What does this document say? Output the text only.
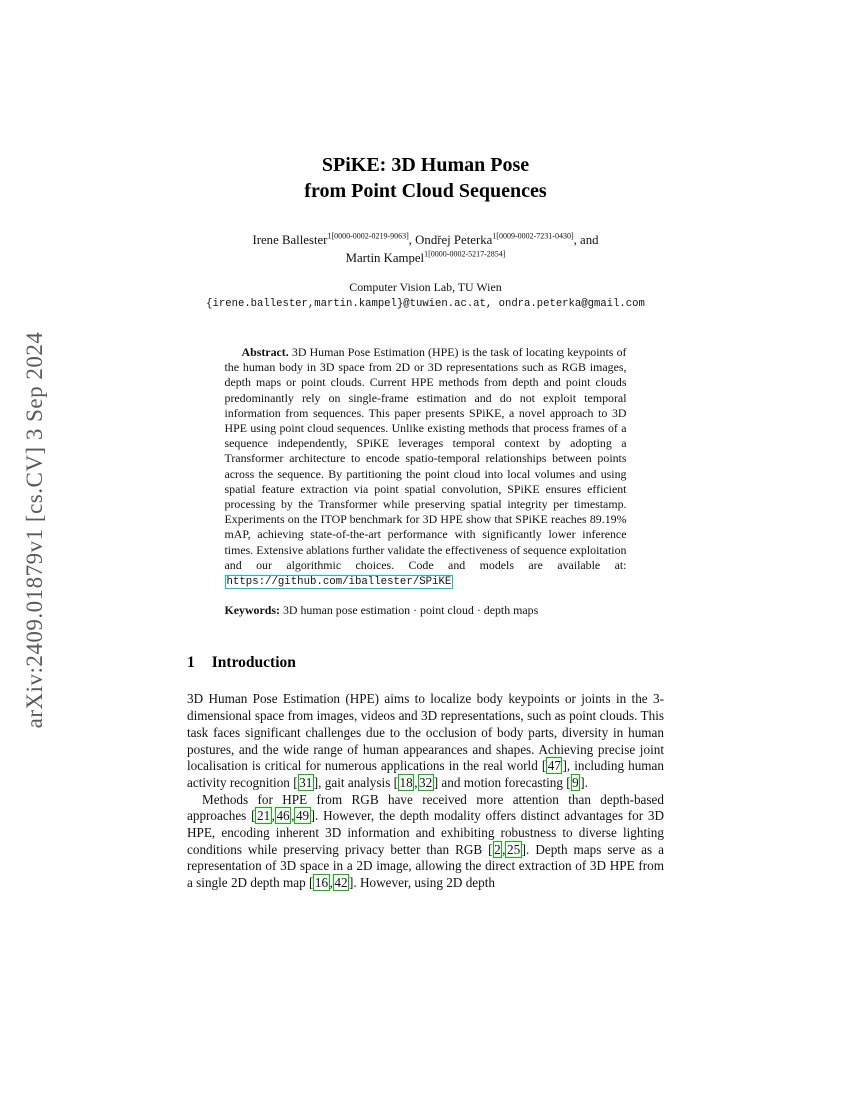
arXiv:2409.01879v1 [cs.CV] 3 Sep 2024
SPiKE: 3D Human Pose
from Point Cloud Sequences
Irene Ballester$^{1[0000-0002-0219-9063]}$, Ondřej Peterka$^{1[0009-0002-7231-0430]}$, and
Martin Kampel$^{1[0000-0002-5217-2854]}$
Computer Vision Lab, TU Wien
{irene.ballester,martin.kampel}@tuwien.ac.at, ondra.peterka@gmail.com
Abstract. 3D Human Pose Estimation (HPE) is the task of locating keypoints of the human body in 3D space from 2D or 3D representations such as RGB images, depth maps or point clouds. Current HPE methods from depth and point clouds predominantly rely on single-frame estimation and do not exploit temporal information from sequences. This paper presents SPiKE, a novel approach to 3D HPE using point cloud sequences. Unlike existing methods that process frames of a sequence independently, SPiKE leverages temporal context by adopting a Transformer architecture to encode spatio-temporal relationships between points across the sequence. By partitioning the point cloud into local volumes and using spatial feature extraction via point spatial convolution, SPiKE ensures efficient processing by the Transformer while preserving spatial integrity per timestamp. Experiments on the ITOP benchmark for 3D HPE show that SPiKE reaches 89.19% mAP, achieving state-of-the-art performance with significantly lower inference times. Extensive ablations further validate the effectiveness of sequence exploitation and our algorithmic choices. Code and models are available at: https://github.com/iballester/SPiKE
Keywords: 3D human pose estimation · point cloud · depth maps
1 Introduction
3D Human Pose Estimation (HPE) aims to localize body keypoints or joints in the 3-dimensional space from images, videos and 3D representations, such as point clouds. This task faces significant challenges due to the occlusion of body parts, diversity in human postures, and the wide range of human appearances and shapes. Achieving precise joint localisation is critical for numerous applications in the real world [ 47 ], including human activity recognition [ 31 ], gait analysis [ 18 , 32 ] and motion forecasting [ 9 ].
Methods for HPE from RGB have received more attention than depth-based approaches [ 21 , 46 , 49 ]. However, the depth modality offers distinct advantages for 3D HPE, encoding inherent 3D information and exhibiting robustness to diverse lighting conditions while preserving privacy better than RGB [ 2 , 25 ]. Depth maps serve as a representation of 3D space in a 2D image, allowing the direct extraction of 3D HPE from a single 2D depth map [ 16 , 42 ]. However, using 2D depth
